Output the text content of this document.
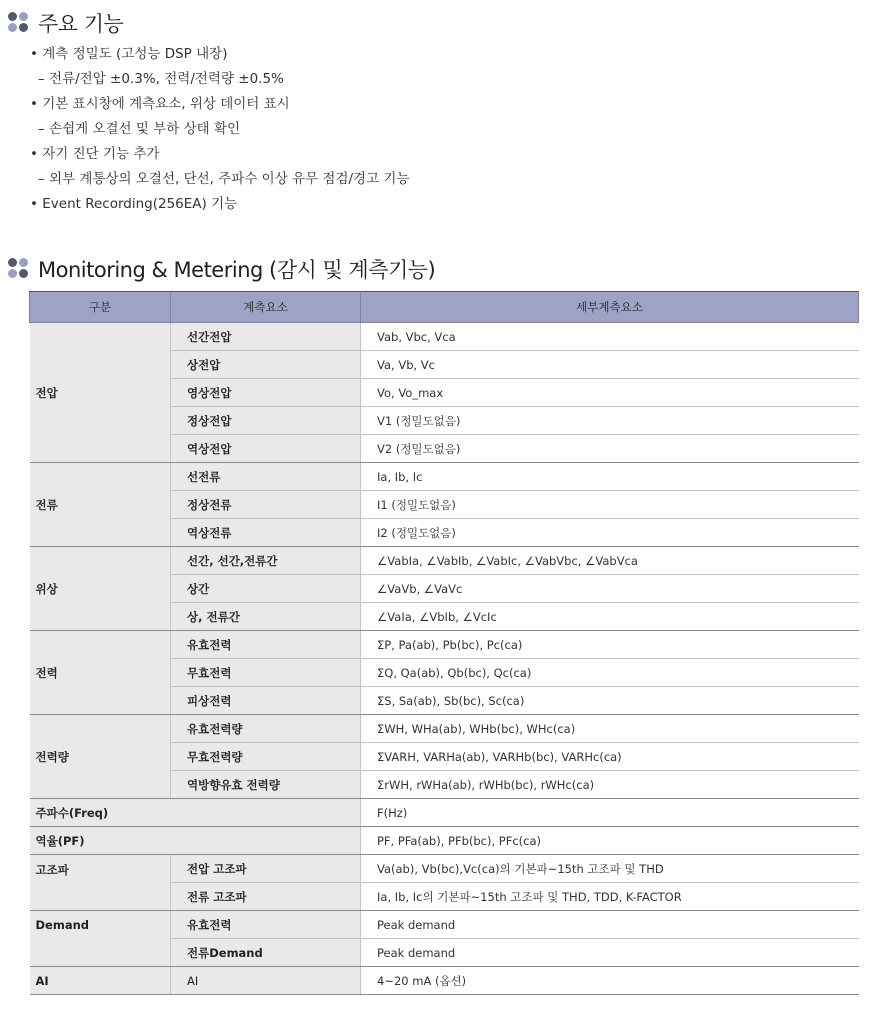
주요 기능
• 계측 정밀도 (고성능 DSP 내장)
– 전류/전압 ±0.3%, 전력/전력량 ±0.5%
• 기본 표시창에 계측요소, 위상 데이터 표시
– 손쉽게 오결선 및 부하 상태 확인
• 자기 진단 기능 추가
– 외부 계통상의 오결선, 단선, 주파수 이상 유무 점검/경고 기능
• Event Recording(256EA) 기능
Monitoring & Metering (감시 및 계측기능)
구분	계측요소	세부계측요소
전압	선간전압	Vab, Vbc, Vca
	상전압	Va, Vb, Vc
	영상전압	Vo, Vo_max
	정상전압	V1 (정밀도없음)
	역상전압	V2 (정밀도없음)
전류	선전류	Ia, Ib, Ic
	정상전류	I1 (정밀도없음)
	역상전류	I2 (정밀도없음)
위상	선간, 선간,전류간	∠VabIa, ∠VabIb, ∠VabIc, ∠VabVbc, ∠VabVca
	상간	∠VaVb, ∠VaVc
	상, 전류간	∠VaIa, ∠VbIb, ∠VcIc
전력	유효전력	ΣP, Pa(ab), Pb(bc), Pc(ca)
	무효전력	ΣQ, Qa(ab), Qb(bc), Qc(ca)
	피상전력	ΣS, Sa(ab), Sb(bc), Sc(ca)
전력량	유효전력량	ΣWH, WHa(ab), WHb(bc), WHc(ca)
	무효전력량	ΣVARH, VARHa(ab), VARHb(bc), VARHc(ca)
	역방향유효 전력량	ΣrWH, rWHa(ab), rWHb(bc), rWHc(ca)
주파수(Freq)		F(Hz)
역율(PF)		PF, PFa(ab), PFb(bc), PFc(ca)
고조파	전압 고조파	Va(ab), Vb(bc),Vc(ca)의 기본파~15th 고조파 및 THD
	전류 고조파	Ia, Ib, Ic의 기본파~15th 고조파 및 THD, TDD, K-FACTOR
Demand	유효전력	Peak demand
	전류Demand	Peak demand
AI	AI	4~20 mA (옵션)
